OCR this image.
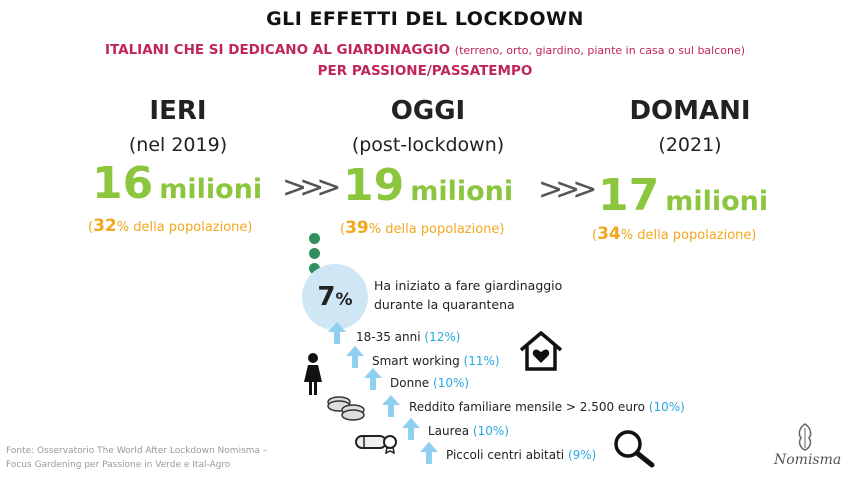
GLI EFFETTI DEL LOCKDOWN
ITALIANI CHE SI DEDICANO AL GIARDINAGGIO (terreno, orto, giardino, piante in casa o sul balcone)
PER PASSIONE/PASSATEMPO
IERI
(nel 2019)
16 milioni
(32% della popolazione)
>>>
OGGI
(post-lockdown)
19 milioni
(39% della popolazione)
>>>
DOMANI
(2021)
17 milioni
(34% della popolazione)
7%
Ha iniziato a fare giardinaggio
durante la quarantena
18-35 anni (12%)
Smart working (11%)
Donne (10%)
Reddito familiare mensile > 2.500 euro (10%)
Laurea (10%)
Piccoli centri abitati (9%)
Fonte: Osservatorio The World After Lockdown Nomisma –
Focus Gardening per Passione in Verde e Ital-Agro	Nomisma
